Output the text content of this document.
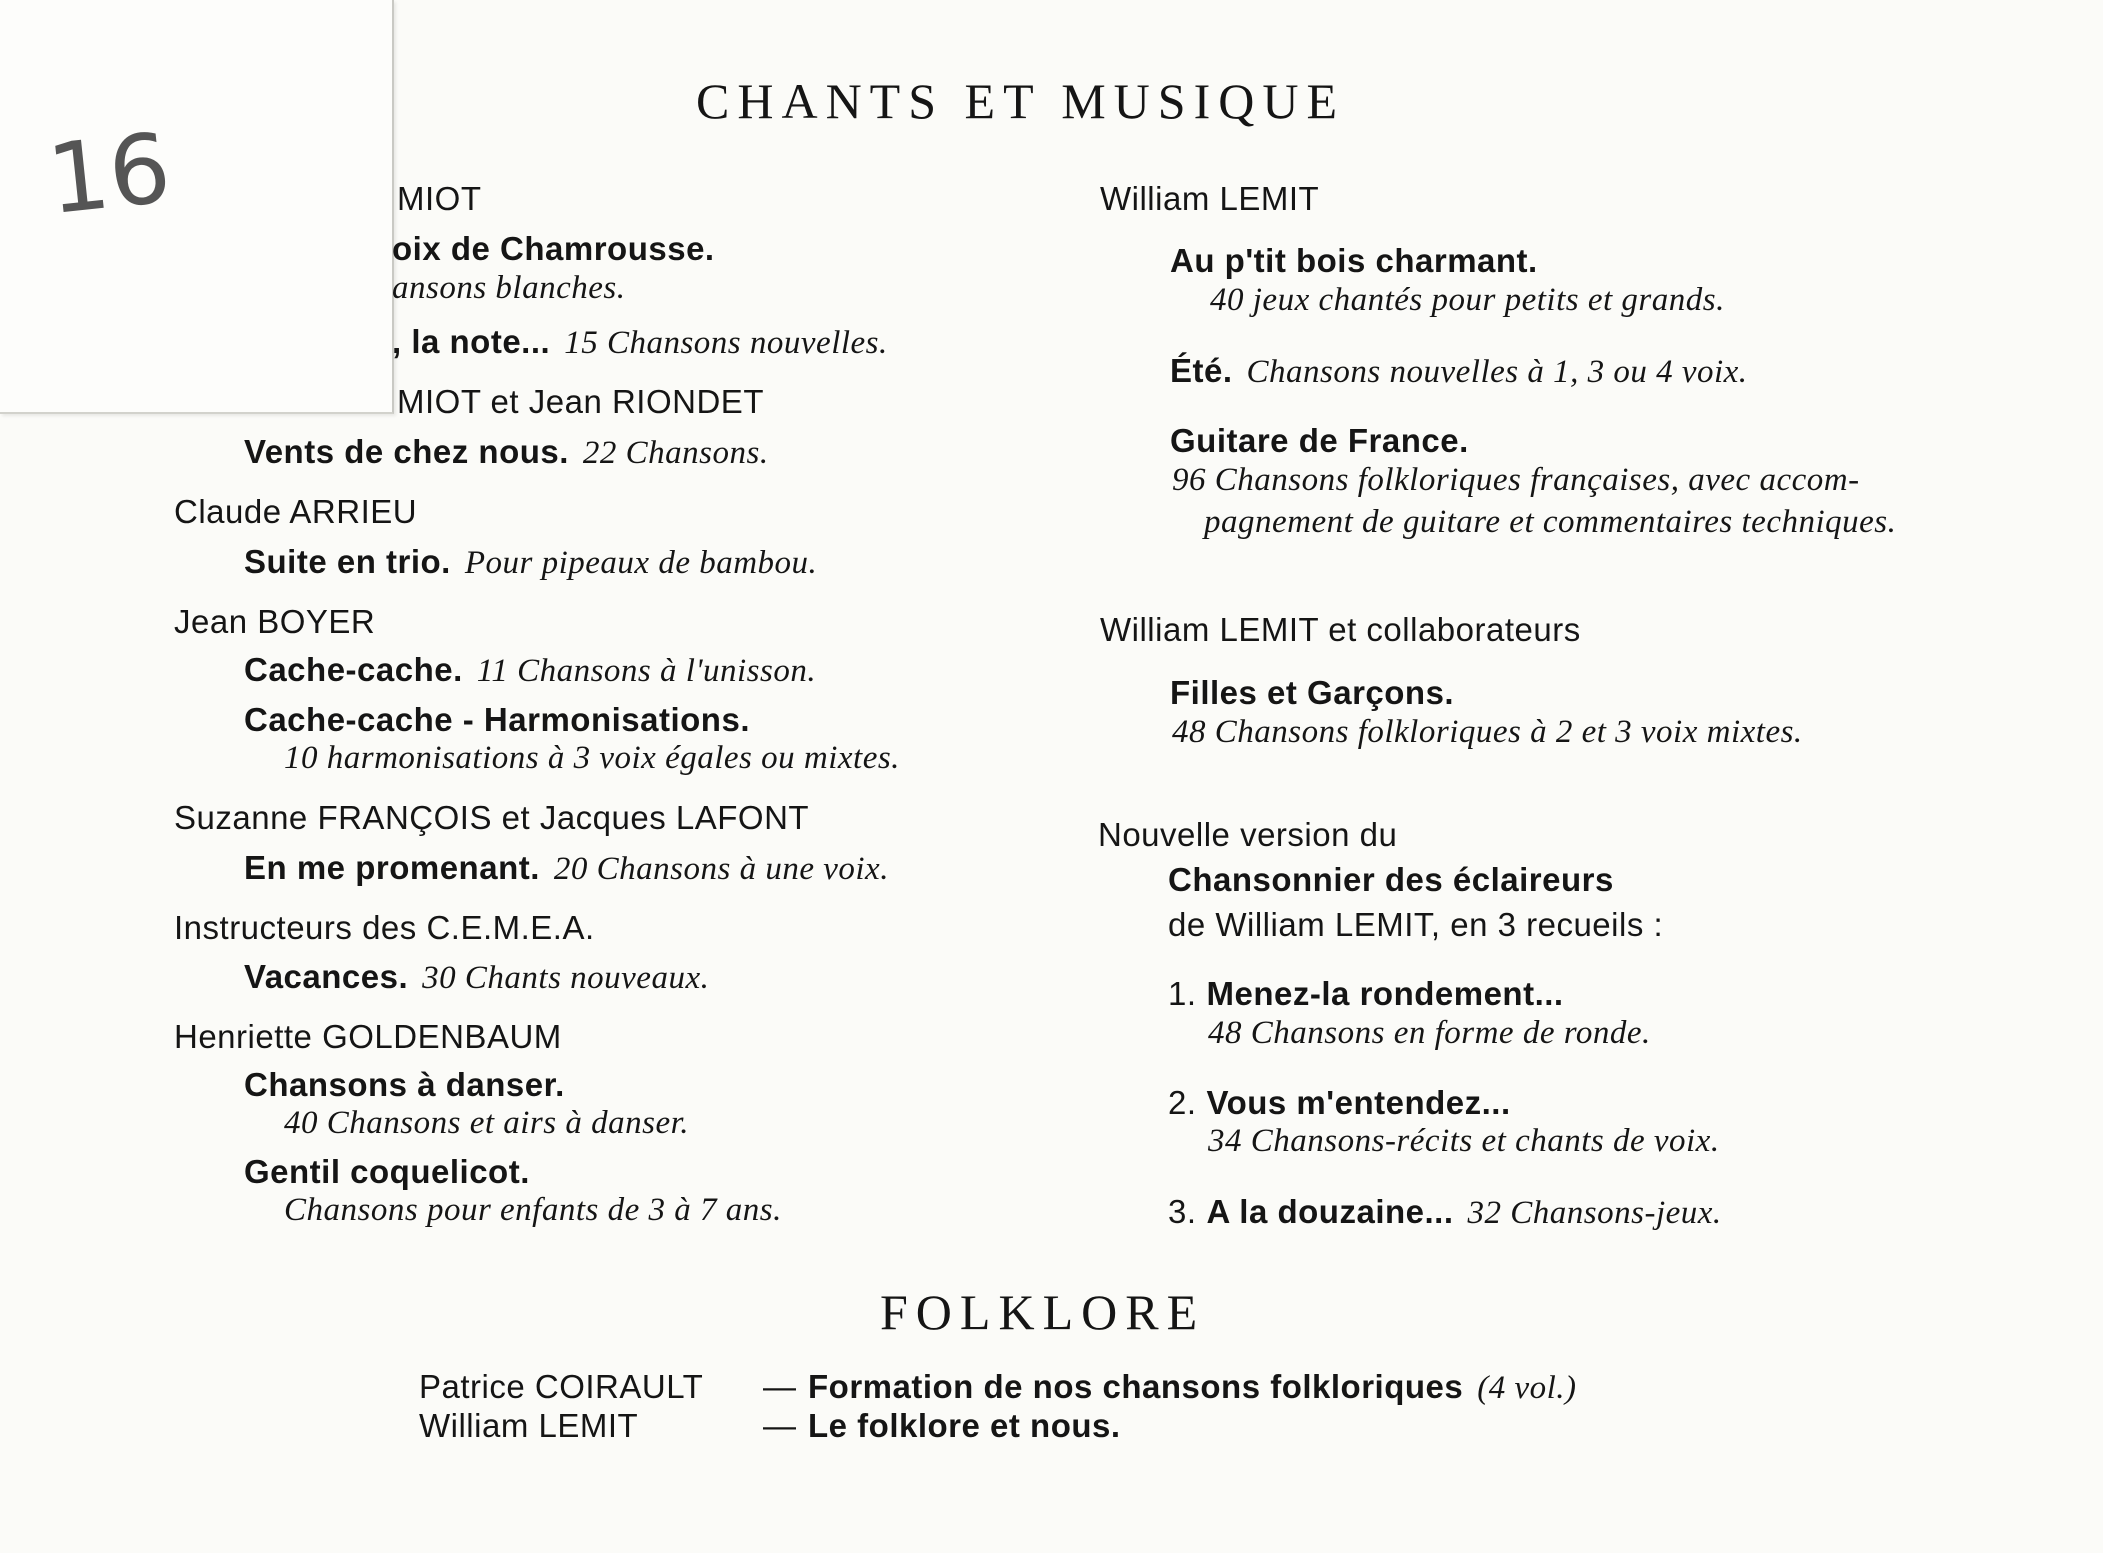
16
CHANTS ET MUSIQUE
MIOT
oix de Chamrousse.
ansons blanches.
, la note... 15 Chansons nouvelles.
MIOT et Jean RIONDET
Vents de chez nous. 22 Chansons.
Claude ARRIEU
Suite en trio. Pour pipeaux de bambou.
Jean BOYER
Cache-cache. 11 Chansons à l'unisson.
Cache-cache - Harmonisations.
10 harmonisations à 3 voix égales ou mixtes.
Suzanne FRANÇOIS et Jacques LAFONT
En me promenant. 20 Chansons à une voix.
Instructeurs des C.E.M.E.A.
Vacances. 30 Chants nouveaux.
Henriette GOLDENBAUM
Chansons à danser.
40 Chansons et airs à danser.
Gentil coquelicot.
Chansons pour enfants de 3 à 7 ans.
William LEMIT
Au p'tit bois charmant.
40 jeux chantés pour petits et grands.
Été. Chansons nouvelles à 1, 3 ou 4 voix.
Guitare de France.
96 Chansons folkloriques françaises, avec accom-
pagnement de guitare et commentaires techniques.
William LEMIT et collaborateurs
Filles et Garçons.
48 Chansons folkloriques à 2 et 3 voix mixtes.
Nouvelle version du
Chansonnier des éclaireurs
de William LEMIT, en 3 recueils :
1. Menez-la rondement...
48 Chansons en forme de ronde.
2. Vous m'entendez...
34 Chansons-récits et chants de voix.
3. A la douzaine... 32 Chansons-jeux.
FOLKLORE
Patrice COIRAULT — Formation de nos chansons folkloriques (4 vol.)
William LEMIT	— Le folklore et nous.
